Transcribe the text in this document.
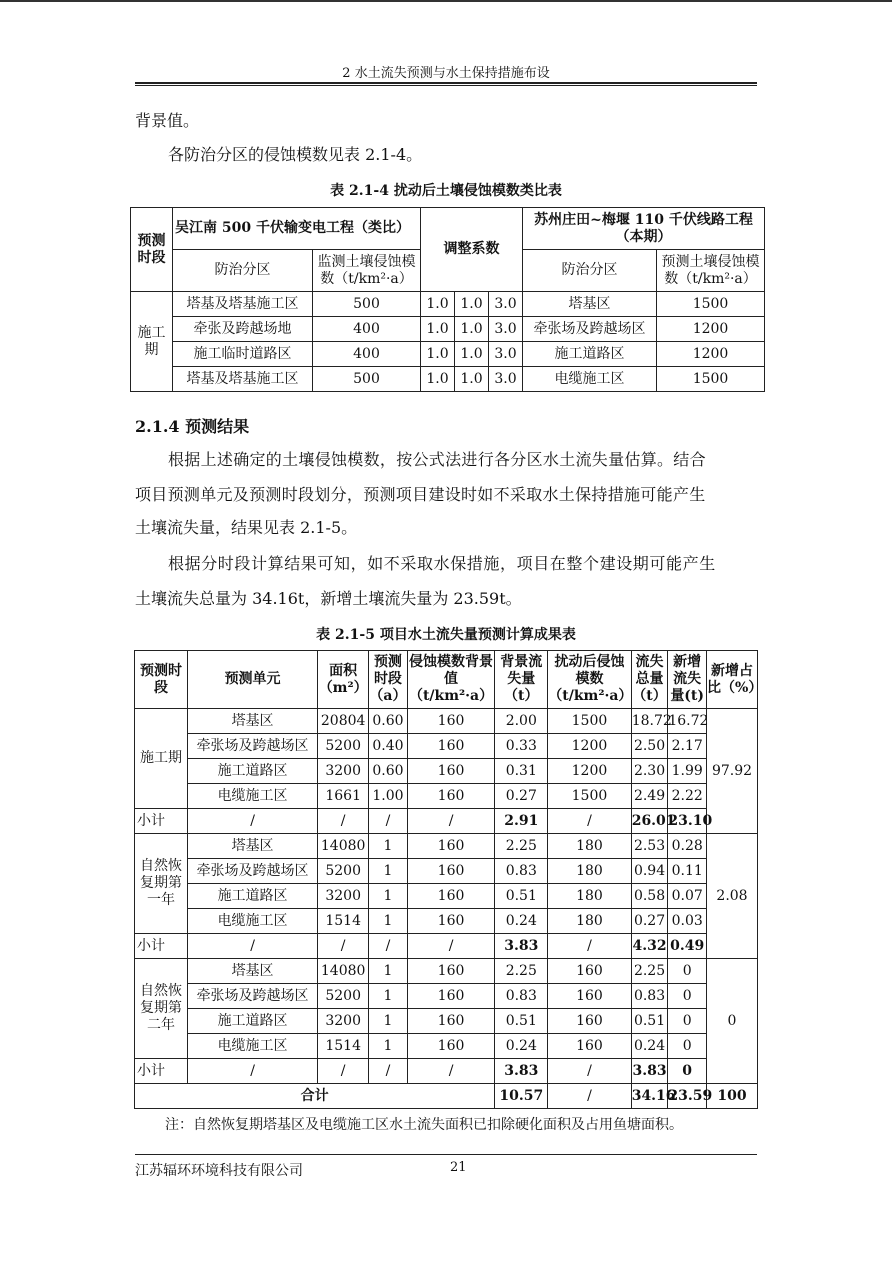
2 水土流失预测与水土保持措施布设
背景值。
各防治分区的侵蚀模数见表 2.1-4。
表 2.1-4 扰动后土壤侵蚀模数类比表
预测时段	吴江南 500 千伏输变电工程（类比）		调整系数			苏州庄田~梅堰 110 千伏线路工程（本期）	
	防治分区	监测土壤侵蚀模数（t/km²·a）				防治分区	预测土壤侵蚀模数（t/km²·a）
施工期	塔基及塔基施工区	500	1.0	1.0	3.0	塔基区	1500
	牵张及跨越场地	400	1.0	1.0	3.0	牵张场及跨越场区	1200
	施工临时道路区	400	1.0	1.0	3.0	施工道路区	1200
	塔基及塔基施工区	500	1.0	1.0	3.0	电缆施工区	1500
2.1.4 预测结果
根据上述确定的土壤侵蚀模数，按公式法进行各分区水土流失量估算。结合
项目预测单元及预测时段划分，预测项目建设时如不采取水土保持措施可能产生
土壤流失量，结果见表 2.1-5。
根据分时段计算结果可知，如不采取水保措施，项目在整个建设期可能产生
土壤流失总量为 34.16t，新增土壤流失量为 23.59t。
表 2.1-5 项目水土流失量预测计算成果表
预测时段	预测单元	面积（m²）	预测时段（a）	侵蚀模数背景值（t/km²·a）	背景流失量（t）	扰动后侵蚀模数（t/km²·a）	流失总量（t）	新增流失量(t)	新增占比（%）
施工期	塔基区	20804	0.60	160	2.00	1500	18.72	16.72	97.92
	牵张场及跨越场区	5200	0.40	160	0.33	1200	2.50	2.17	
	施工道路区	3200	0.60	160	0.31	1200	2.30	1.99	
	电缆施工区	1661	1.00	160	0.27	1500	2.49	2.22	
小计	/	/	/	/	2.91	/	26.01	23.10	
自然恢复期第一年	塔基区	14080	1	160	2.25	180	2.53	0.28	2.08
	牵张场及跨越场区	5200	1	160	0.83	180	0.94	0.11	
	施工道路区	3200	1	160	0.51	180	0.58	0.07	
	电缆施工区	1514	1	160	0.24	180	0.27	0.03	
小计	/	/	/	/	3.83	/	4.32	0.49	
自然恢复期第二年	塔基区	14080	1	160	2.25	160	2.25	0	0
	牵张场及跨越场区	5200	1	160	0.83	160	0.83	0	
	施工道路区	3200	1	160	0.51	160	0.51	0	
	电缆施工区	1514	1	160	0.24	160	0.24	0	
小计	/	/	/	/	3.83	/	3.83	0	
合计					10.57	/	34.16	23.59	100
注：自然恢复期塔基区及电缆施工区水土流失面积已扣除硬化面积及占用鱼塘面积。
江苏辐环环境科技有限公司	21
